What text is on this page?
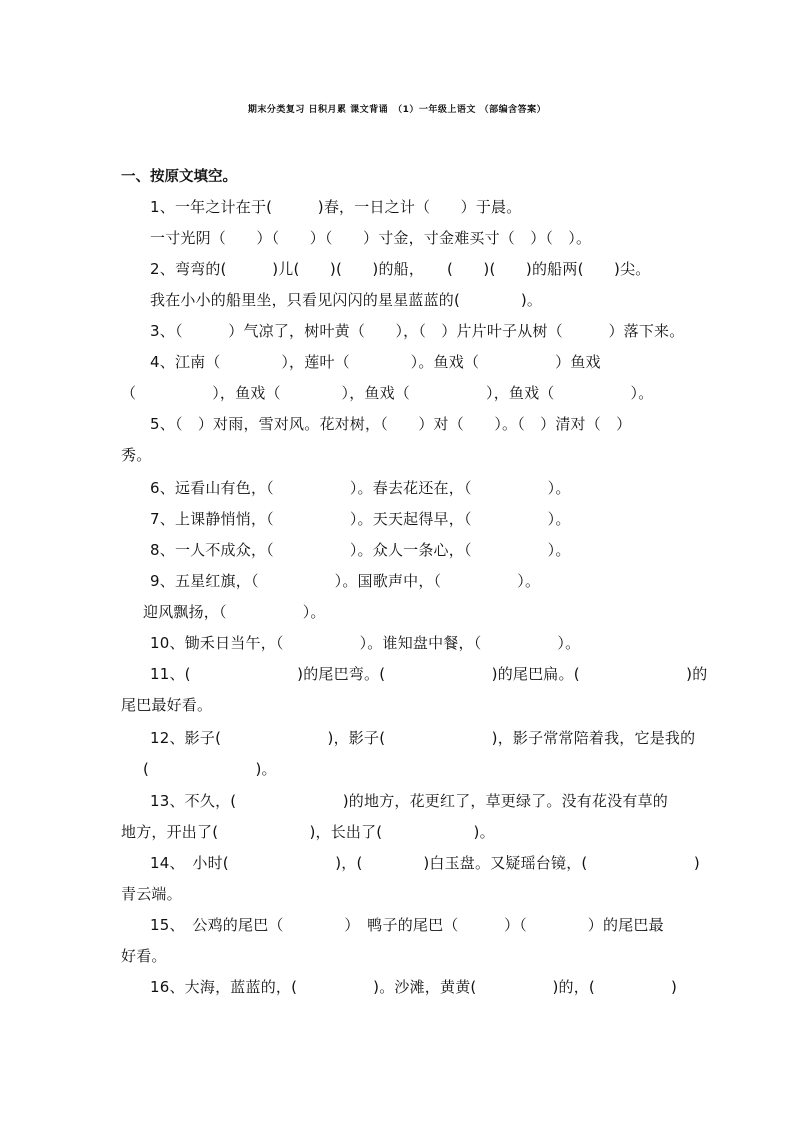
期末分类复习 日积月累 课文背诵　（1）一年级上语文 （部编含答案）
一、按原文填空。
1、一年之计在于(　　　)春，一日之计（　　）于晨。
一寸光阴（　　）（　　）（　　）寸金，寸金难买寸（　）（　）。
2、弯弯的(　　　)儿(　　)(　　)的船，　　(　　)(　　)的船两(　　)尖。
我在小小的船里坐，只看见闪闪的星星蓝蓝的(　　　　)。
3、（　　　）气凉了，树叶黄（　　），（　）片片叶子从树（　　　）落下来。
4、江南（　　　　），莲叶（　　　　）。鱼戏（　　　　　）鱼戏
（　　　　　），鱼戏（　　　　），鱼戏（　　　　　），鱼戏（　　　　　）。
5、（　）对雨，雪对风。花对树，（　　）对（　　）。（　）清对（　）
秀。
6、远看山有色，（　　　　　）。春去花还在，（　　　　　）。
7、上课静悄悄，（　　　　　）。天天起得早，（　　　　　）。
8、一人不成众，（　　　　　）。众人一条心，（　　　　　）。
9、五星红旗，（　　　　　）。国歌声中，（　　　　　）。
迎风飘扬，（　　　　　）。
10、锄禾日当午，（　　　　　）。谁知盘中餐，（　　　　　）。
11、(　　　　　　　)的尾巴弯。(　　　　　　　)的尾巴扁。(　　　　　　　)的
尾巴最好看。
12、影子(　　　　　　　)，影子(　　　　　　　)，影子常常陪着我，它是我的
(　　　　　　　)。
13、不久，(　　　　　　　)的地方，花更红了，草更绿了。没有花没有草的
地方，开出了(　　　　　　)，长出了(　　　　　　)。
14、　小时(　　　　　　　)，(　　　　)白玉盘。又疑瑶台镜，(　　　　　　　)
青云端。
15、　公鸡的尾巴（　　　　）　鸭子的尾巴（　　　）（　　　　）的尾巴最
好看。
16、大海，蓝蓝的，(　　　　　)。沙滩，黄黄(　　　　　)的，(　　　　　)
